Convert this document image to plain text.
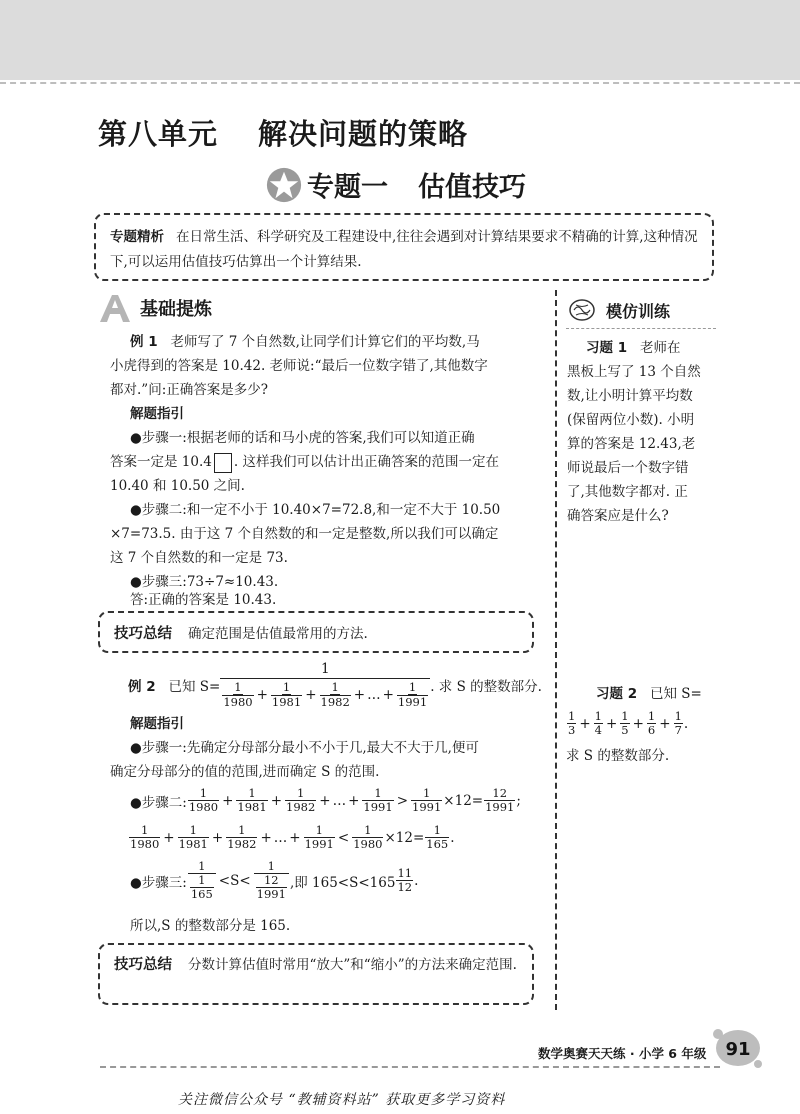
第八单元 解决问题的策略
专题一 估值技巧
专题精析 在日常生活、科学研究及工程建设中,往往会遇到对计算结果要求不精确的计算,这种情况下,可以运用估值技巧估算出一个计算结果.
基础提炼	模仿训练
例 1 老师写了 7 个自然数,让同学们计算它们的平均数,马
小虎得到的答案是 10.42. 老师说:“最后一位数字错了,其他数字
都对.”问:正确答案是多少?
解题指引
●步骤一:根据老师的话和马小虎的答案,我们可以知道正确
答案一定是 10.4 . 这样我们可以估计出正确答案的范围一定在
10.40 和 10.50 之间.
●步骤二:和一定不小于 10.40×7=72.8,和一定不大于 10.50
×7=73.5. 由于这 7 个自然数的和一定是整数,所以我们可以确定
这 7 个自然数的和一定是 73.
●步骤三:73÷7≈10.43.
答:正确的答案是 10.43.
技巧总结 确定范围是估值最常用的方法.
例 2
已知 $S= \frac{1}{\frac{1}{1980} + \frac{1}{1981} + \frac{1}{1982} + \dots + \frac{1}{1991}}$ . 求 S 的整数部分.
解题指引
●步骤一:先确定分母部分最小不小于几,最大不大于几,便可
确定分母部分的值的范围,进而确定 S 的范围.
●步骤二: $\frac{1}{1980} + \frac{1}{1981} + \frac{1}{1982}$ + … + $\frac{1}{1991} > \frac{1}{1991} \times 12= \frac{12}{1991}$ ;
$\frac{1}{1980} + \frac{1}{1981} + \frac{1}{1982}$ + … + $\frac{1}{1991} < \frac{1}{1980} \times 12= \frac{1}{165}$ .
●步骤三: $\frac{1}{\frac{1}{165}} <S< \frac{1}{\frac{12}{1991}}$ ,即 $165<S<165 \frac{11}{12}$ .
所以,S 的整数部分是 165.
技巧总结 分数计算估值时常用“放大”和“缩小”的方法来确定范围.
习题 1 老师在
黑板上写了 13 个自然
数,让小明计算平均数
(保留两位小数). 小明
算的答案是 12.43,老
师说最后一个数字错
了,其他数字都对. 正
确答案应是什么?
习题 2 已知 S=
$\frac{1}{3} + \frac{1}{4} + \frac{1}{5} + \frac{1}{6} + \frac{1}{7}$ .
求 S 的整数部分.
数学奥赛天天练 · 小学 6 年级 91
关注微信公众号 “教辅资料站” 获取更多学习资料
